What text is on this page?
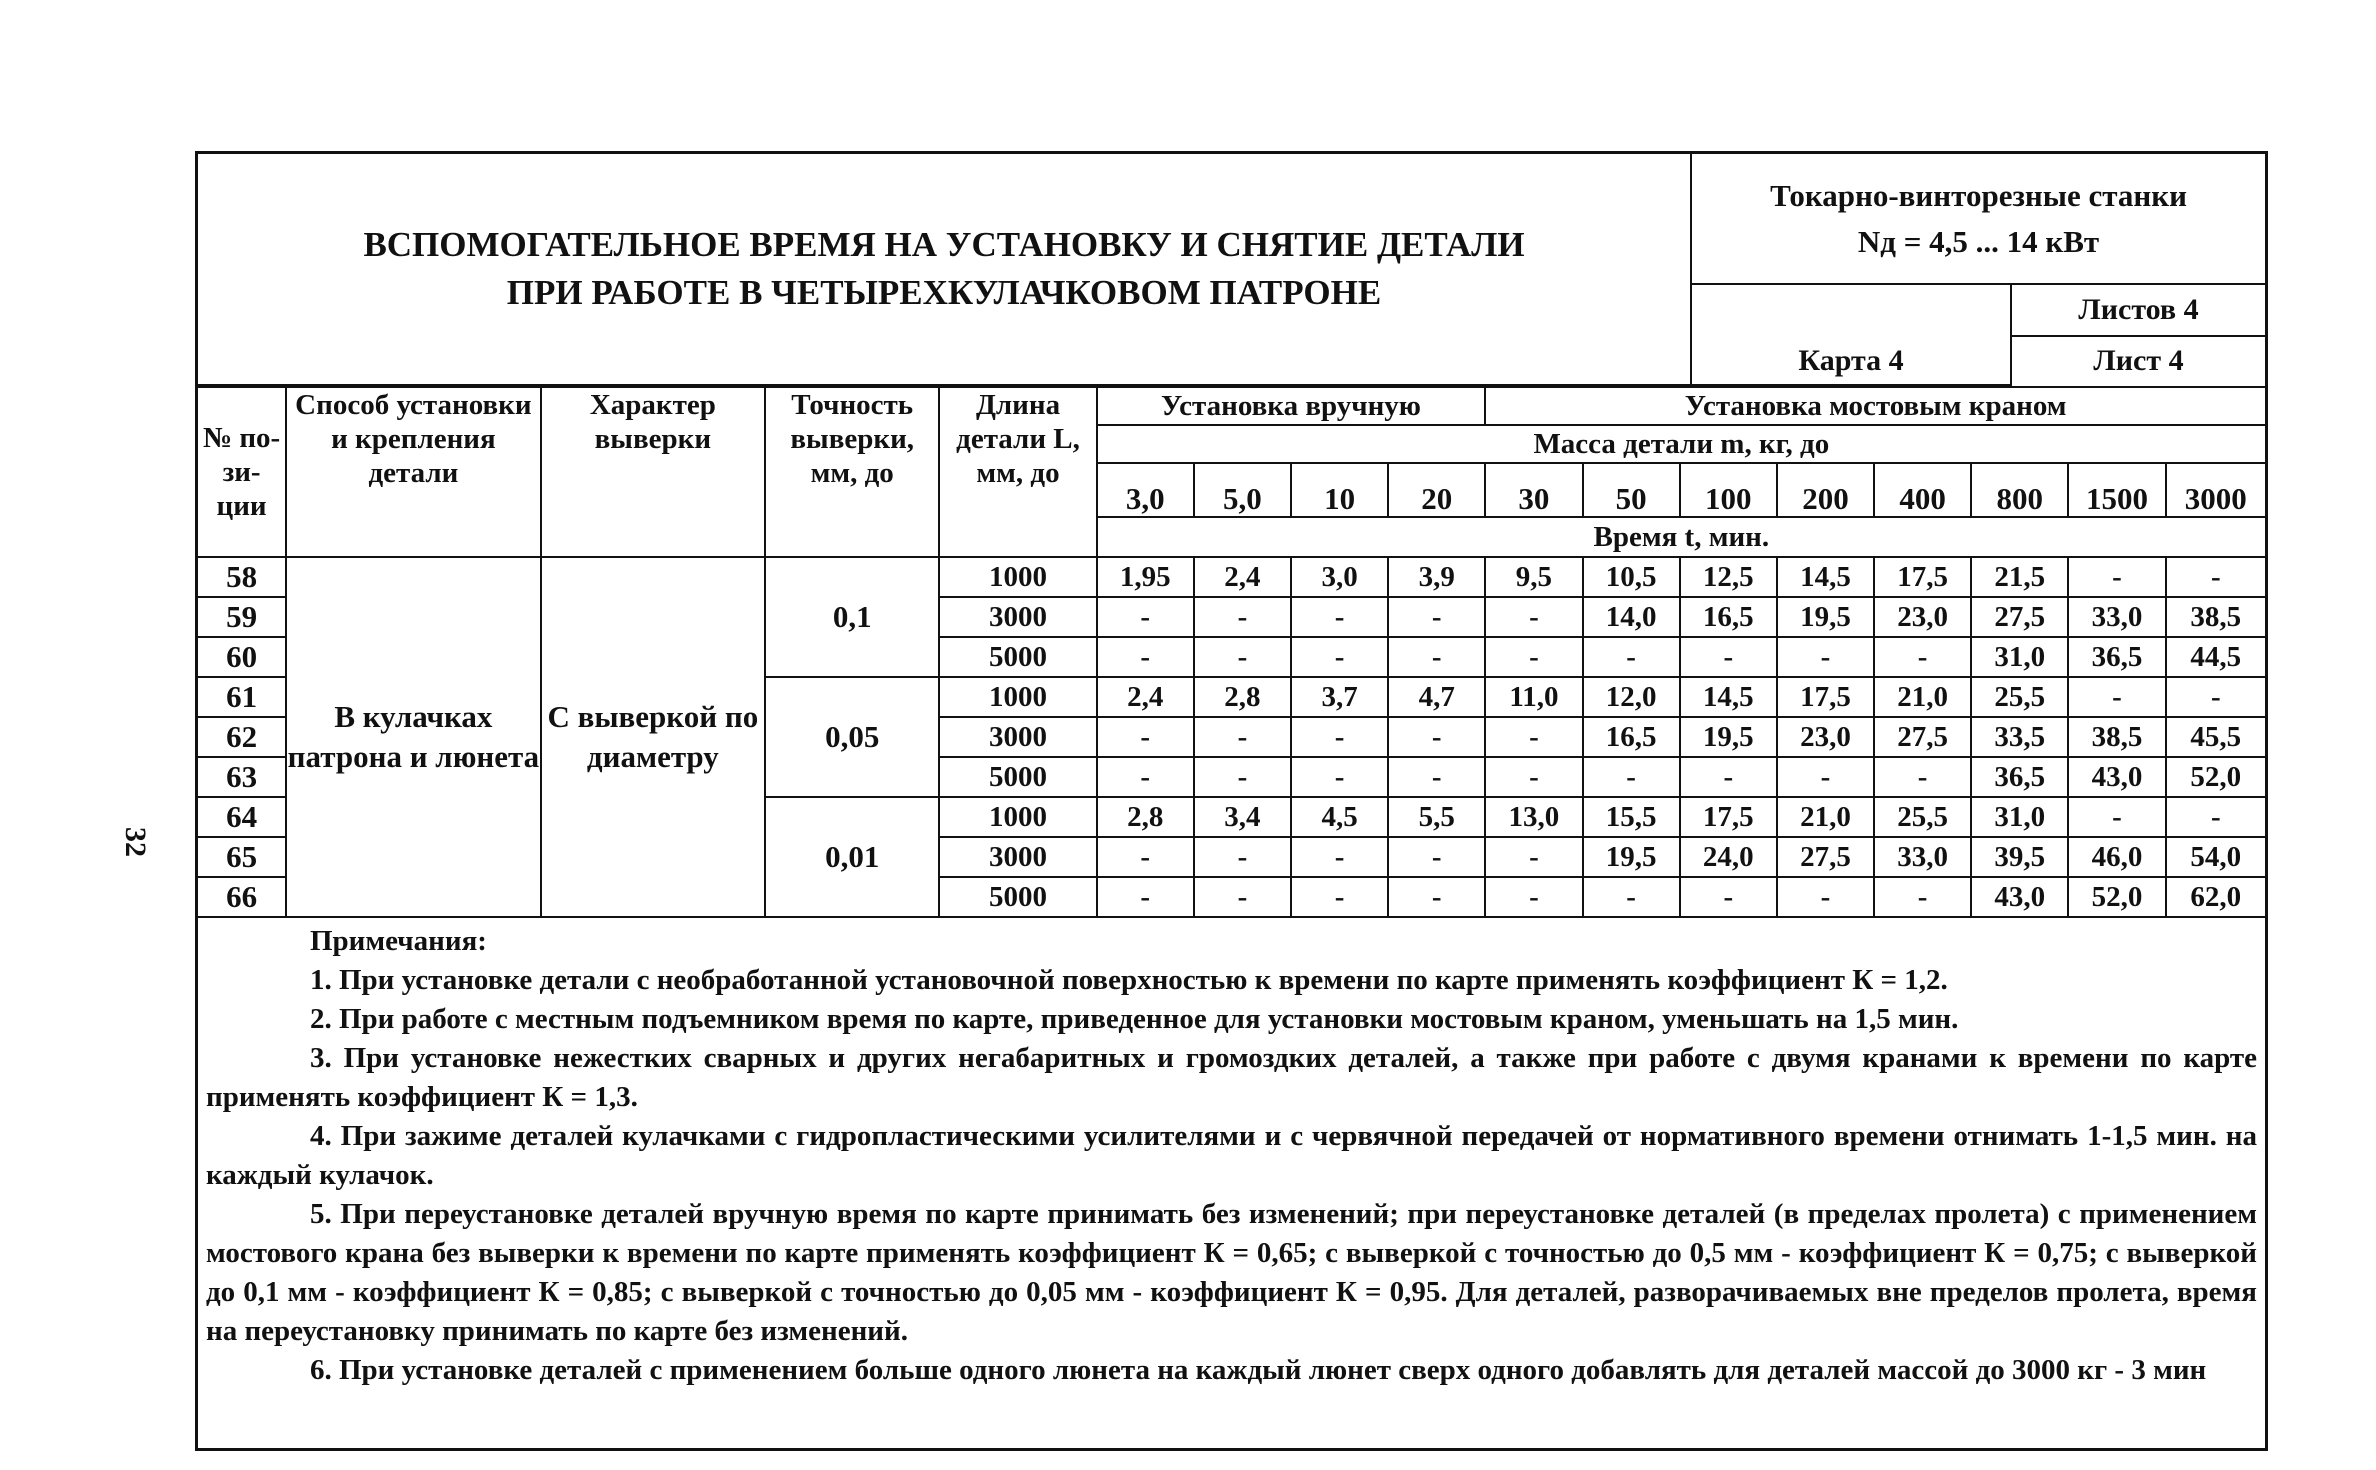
32
ВСПОМОГАТЕЛЬНОЕ ВРЕМЯ НА УСТАНОВКУ И СНЯТИЕ ДЕТАЛИ
ПРИ РАБОТЕ В ЧЕТЫРЕХКУЛАЧКОВОМ ПАТРОНЕ

Токарно-винторезные станки
Nд = 4,5 ... 14 кВт

Карта 4	
Листов 4
Лист 4
№ по- зи- ции	Способ установки и крепления детали	Характер выверки	Точность выверки, мм, до	Длина детали L, мм, до	Установка вручную				Установка мостовым краном							
					Масса детали m, кг, до											
					3,0	5,0	10	20	30	50	100	200	400	800	1500	3000
					Время t, мин.											
58	В кулачках патрона и люнета	С выверкой по диаметру	0,1	1000	1,95	2,4	3,0	3,9	9,5	10,5	12,5	14,5	17,5	21,5	-	-
59				3000	-	-	-	-	-	14,0	16,5	19,5	23,0	27,5	33,0	38,5
60				5000	-	-	-	-	-	-	-	-	-	31,0	36,5	44,5
61			0,05	1000	2,4	2,8	3,7	4,7	11,0	12,0	14,5	17,5	21,0	25,5	-	-
62				3000	-	-	-	-	-	16,5	19,5	23,0	27,5	33,5	38,5	45,5
63				5000	-	-	-	-	-	-	-	-	-	36,5	43,0	52,0
64			0,01	1000	2,8	3,4	4,5	5,5	13,0	15,5	17,5	21,0	25,5	31,0	-	-
65				3000	-	-	-	-	-	19,5	24,0	27,5	33,0	39,5	46,0	54,0
66				5000	-	-	-	-	-	-	-	-	-	43,0	52,0	62,0

Примечания:

1. При установке детали с необработанной установочной поверхностью к времени по карте применять коэффициент К = 1,2.

2. При работе с местным подъемником время по карте, приведенное для установки мостовым краном, уменьшать на 1,5 мин.

3. При установке нежестких сварных и других негабаритных и громоздких деталей, а также при работе с двумя кранами к времени по карте применять коэффициент К = 1,3.

4. При зажиме деталей кулачками с гидропластическими усилителями и с червячной передачей от нормативного времени отнимать 1-1,5 мин. на каждый кулачок.

5. При переустановке деталей вручную время по карте принимать без изменений; при переустановке деталей (в пределах пролета) с применением мостового крана без выверки к времени по карте применять коэффициент К = 0,65; с выверкой с точностью до 0,5 мм - коэффициент К = 0,75; с выверкой до 0,1 мм - коэффициент К = 0,85; с выверкой с точностью до 0,05 мм - коэффициент К = 0,95. Для деталей, разворачиваемых вне пределов пролета, время на переустановку принимать по карте без изменений.

6. При установке деталей с применением больше одного люнета на каждый люнет сверх одного добавлять для деталей массой до 3000 кг - 3 мин
